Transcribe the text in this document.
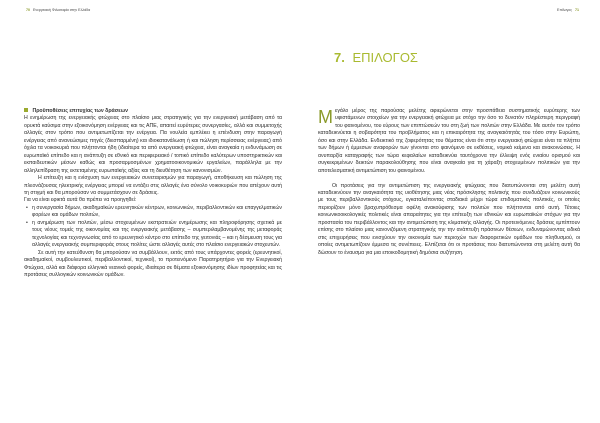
70 Ενεργειακή Φιλοσοφία στην Ελλάδα

Προϋποθέσεις επιτυχίας των δράσεων

Η ενημέρωση της ενεργειακής φτώχειας στο πλαίσιο μιας στρατηγικής για την ενεργειακή μετάβαση από τα ορυκτά καύσιμα στην εξοικονόμηση ενέργειας και τις ΑΠΕ, απαιτεί ευρύτερες συνεργασίες, αλλά και συμμετοχής αλλαγές στον τρόπο που αντιμετωπίζεται την ενέργεια. Πα νουλεία εμπλέκει η επένδυση στην παραγωγή ενέργειας από ανανεώσιμες πηγές (διεσπαρμένη) και ιδιοκατανάλωση ή και πώληση περίσσειας ενέργειας) από όχιλα τα νοικοκυριά που πλήττονται ήδη (ιδιαίτερα τα από ενεργειακή φτώχεια, είναι αναγκαία η ενδυνάμωση σε ευρωπαϊκό επίπεδο και η ανάπτυξη σε εθνικό και περιφερειακό / τοπικό επίπεδο καλύτερων υποστηρικτικών και εκπαιδευτικών μέσων καθώς και προσαρμοσμένων χρηματοοικονομικών εργαλείων, παράλληλα με την αλληλεπίδραση της εκτεταμένης ευρωπαϊκής αξίας και τη διευθέτηση των κανονισμών.

Η επίτευξη και η ενίσχυση των ενεργειακών συνεταιρισμών για παραγωγή, αποθήκευση και πώληση της πλεονάζουσας ηλεκτρικής ενέργειας μπορεί να εντάξει στις αλλαγές ένα σύνολο νοικοκυριών που απέχουν αυτή τη στιγμή και θα μπορούσαν να συμμετάσχουν σε δράσεις.

Για να είναι εφικτά αυτά θα πρέπει να προηγηθεί:

• η συνεργασία δήμων, ακαδημαϊκών ερευνητικών κέντρων, κοινωνικών, περιβαλλοντικών και επαγγελματικών φορέων και ομάδων πολιτών,
• η ανημέρωση των πολιτών, μέσω στοχευμένων εκστρατειών ενημέρωσης και πληροφόρησης σχετικά με τους νέους τομείς της οικονομίας και της ενεργειακής μετάβασης – συμπεριλαμβανομένης της μεταφοράς τεχνολογίας και τεχνογνωσίας από το ερευνητικό κέντρο στο επίπεδο της γειτονιάς – και η δέσμευση τους για αλλαγές ενεργειακής συμπεριφοράς στους πολίτες ώστε αλλαγές αυτές στο πλαίσιο ενεργειακών στοχευτών.

Σε αυτή την κατεύθυνση θα μπορούσαν να συμβάλλουν, εκτός από τους υπάρχοντες φορείς (ερευνητικοί, ακαδημαϊκοί, συμβουλευτικοί, περιβαλλοντικοί, τεχνικοί), το προτεινόμενο Παρατηρητήριο για την Ενεργειακή Φτώχεια, αλλά και διάφορα ελληνικά νεανικά φορείς, ιδιαίτερα σε θέματα εξοικονόμησης ιδίων προφητείας και τις προτάσεις συλλογικών κοινωνικών ομάδων.

Επίλογος 71
7. ΕΠΙΛΟΓΟΣ

Μεγάλο μέρος της παρούσας μελέτης αφιερώνεται στην προσπάθεια συστηματικής ευρύτερης των υφιστάμενων στοιχείων για την ενεργειακή φτώχεια με στόχο την όσο το δυνατόν πληρέστερη περιγραφή του φαινομένου, του εύρους των επιπτώσεών του στη ζωή των πολιτών στην Ελλάδα. Με αυτόν τον τρόπο καταδεικνύεται η σοβαρότητα του προβλήματος και η επικαιρότητα της αναγκαιότητάς του τόσο στην Ευρώπη, όσο και στην Ελλάδα. Ενδεικτικό της ζοφερότητας του θέματος είναι ότι στην ενεργειακή φτώχεια είναι τα πλήττει των δήμων ή έμμεσων αναφορών των γίνονται στο φαινόμενο σε εκθέσεις, νομικά κείμενα και ανακοινώσεις. Η ανυπαρξία καταγραφής των τώρα κεφαλαίων καταδεικνύει ταυτόχρονα την έλλειψη ενός ενιαίου ορισμού και συγκεκριμένων δεικτών παρακολούθησης που είναι αναγκαία για τη χάραξη στοχευμένων πολιτικών για την αποτελεσματική αντιμετώπιση του φαινομένου.

Οι προτάσεις για την αντιμετώπιση της ενεργειακής φτώχειας που διατυπώνονται στη μελέτη αυτή καταδεικνύουν την αναγκαιότητα της υιοθέτησης μιας νέας πρόσκλησης πολιτικής που συνδυάζουν κοινωνικούς με τους περιβαλλοντικούς στόχους, εγκαταλείποντας σταδιακά μέχρι τώρα επιδοματικές πολιτικές, οι οποίες περιορίζουν μόνο βραχυπρόθεσμα οφέλη ανακούφισης των πολιτών που πλήττονται από αυτή. Τέτοιες κοινωνικοοικολογικές πολιτικές είναι απαραίτητες για την επίτευξη των εθνικών και ευρωπαϊκών στόχων για την προστασία του περιβάλλοντος και την αντιμετώπιση της κλιματικής αλλαγής. Οι προτεινόμενες δράσεις εμπίπτουν επίσης στο πλαίσιο μιας κανονιζόμενη στρατηγικής την την ανάπτυξη πράσινων θέσεων, ενδυναμώνοντας ειδικά στις επιχειρήσεις που ενισχύουν την οικονομία των περιοχών των διαφορετικών ομάδων του πληθυσμού, οι οποίες αντιμετωπίζουν έμμεσα τις συνέπειες. Ελπίζεται ότι οι προτάσεις που διατυπώνονται στη μελέτη αυτή θα δώσουν το έναυσμα για μια εποικοδομητική δημόσια συζήτηση.
